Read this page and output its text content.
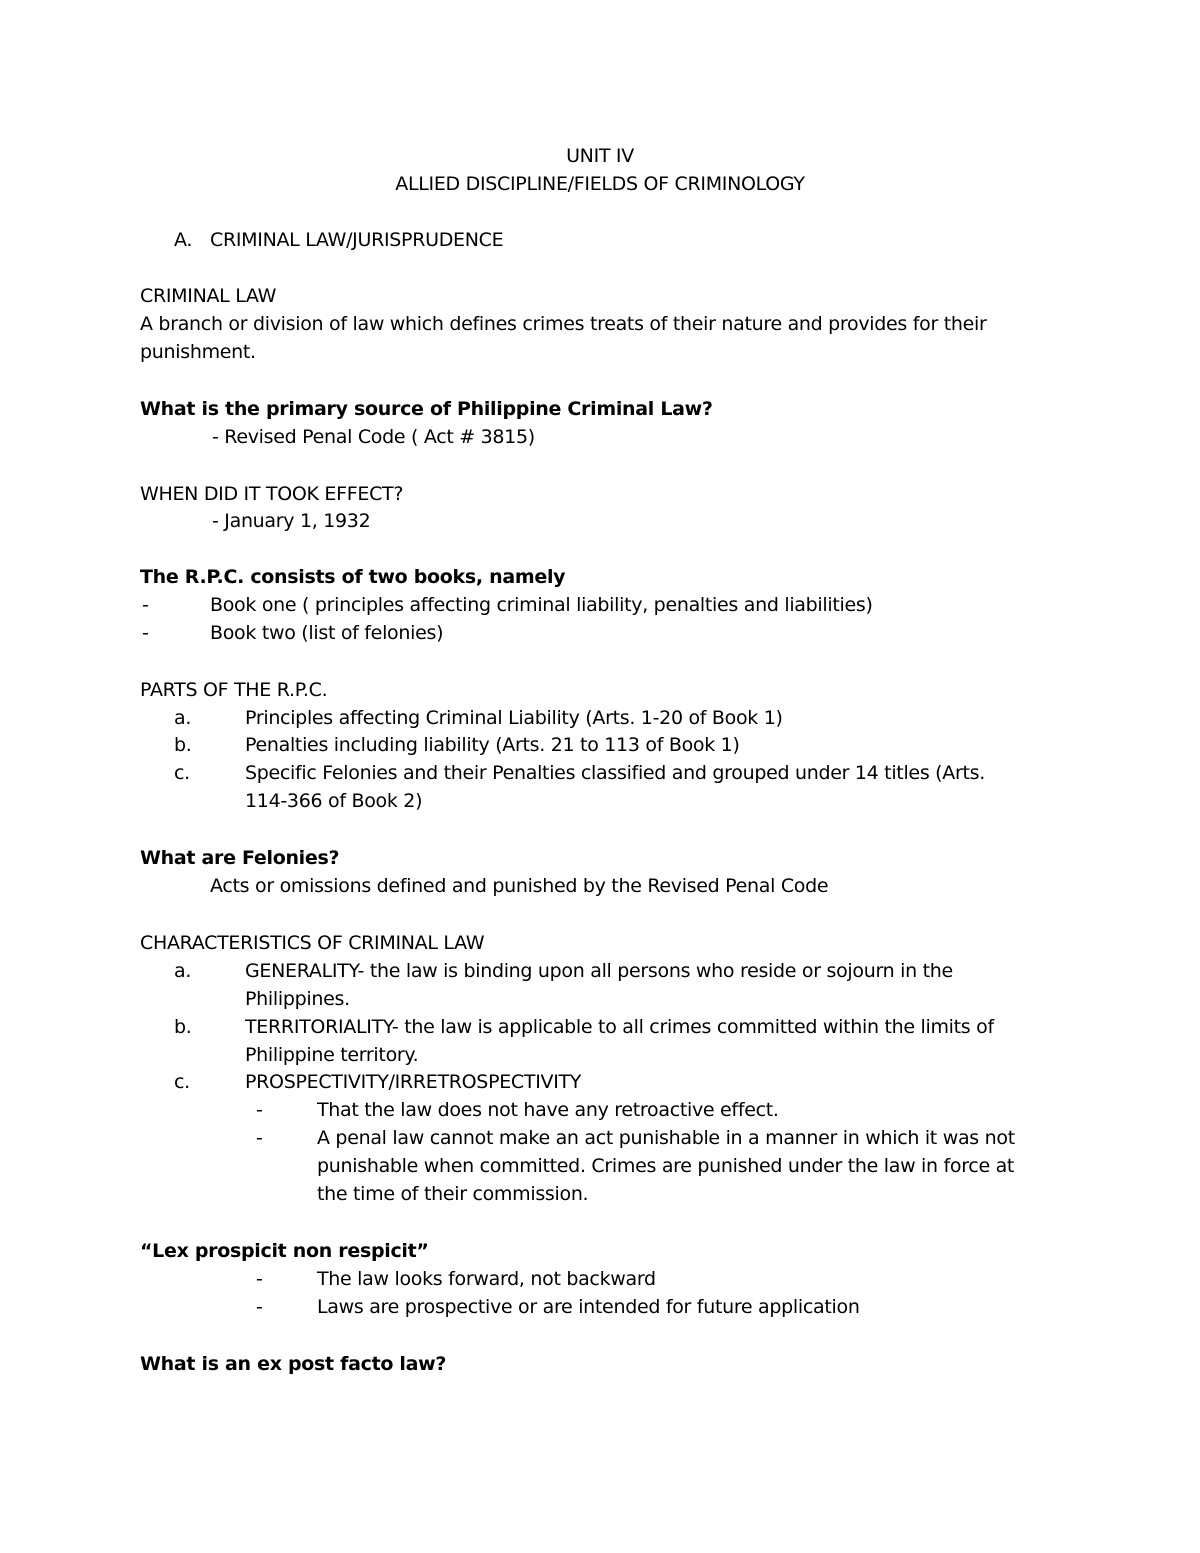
UNIT IV
ALLIED DISCIPLINE/FIELDS OF CRIMINOLOGY
A. CRIMINAL LAW/JURISPRUDENCE
CRIMINAL LAW
A branch or division of law which defines crimes treats of their nature and provides for their
punishment.
What is the primary source of Philippine Criminal Law?
- Revised Penal Code ( Act # 3815)
WHEN DID IT TOOK EFFECT?
- January 1, 1932
The R.P.C. consists of two books, namely
-	Book one ( principles affecting criminal liability, penalties and liabilities)
-	Book two (list of felonies)
PARTS OF THE R.P.C.
a.	Principles affecting Criminal Liability (Arts. 1-20 of Book 1)
b.	Penalties including liability (Arts. 21 to 113 of Book 1)
c.	Specific Felonies and their Penalties classified and grouped under 14 titles (Arts.
114-366 of Book 2)
What are Felonies?
Acts or omissions defined and punished by the Revised Penal Code
CHARACTERISTICS OF CRIMINAL LAW
a.	GENERALITY- the law is binding upon all persons who reside or sojourn in the
Philippines.
b.	TERRITORIALITY- the law is applicable to all crimes committed within the limits of
Philippine territory.
c.	PROSPECTIVITY/IRRETROSPECTIVITY
-	That the law does not have any retroactive effect.
-	A penal law cannot make an act punishable in a manner in which it was not
punishable when committed. Crimes are punished under the law in force at
the time of their commission.
“Lex prospicit non respicit”
-	The law looks forward, not backward
-	Laws are prospective or are intended for future application
What is an ex post facto law?
